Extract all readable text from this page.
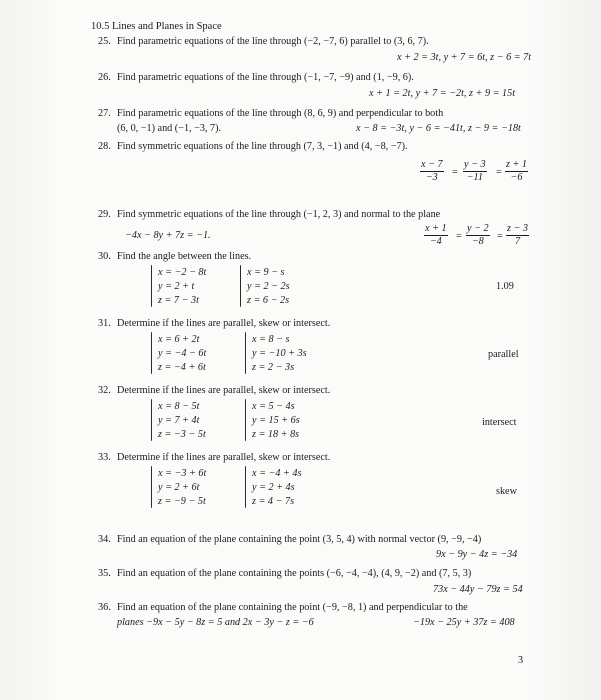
10.5 Lines and Planes in Space
25. Find parametric equations of the line through (−2, −7, 6) parallel to (3, 6, 7).
x + 2 = 3t, y + 7 = 6t, z − 6 = 7t
26. Find parametric equations of the line through (−1, −7, −9) and (1, −9, 6).
x + 1 = 2t, y + 7 = −2t, z + 9 = 15t
27. Find parametric equations of the line through (8, 6, 9) and perpendicular to both
(6, 0, −1) and (−1, −3, 7).	x − 8 = −3t, y − 6 = −41t, z − 9 = −18t
28. Find symmetric equations of the line through (7, 3, −1) and (4, −8, −7).
$\frac{x - 7}{-3} = \frac{y - 3}{-11} = \frac{z + 1}{-6}$
29. Find symmetric equations of the line through (−1, 2, 3) and normal to the plane
−4x − 8y + 7z = −1.	$\frac{x + 1}{-4} = \frac{y - 2}{-8} = \frac{z - 3}{7}$
30. Find the angle between the lines.
x = −2 − 8t
y = 2 + t
z = 7 − 3t
x = 9 − s
y = 2 − 2s
z = 6 − 2s
1.09
31. Determine if the lines are parallel, skew or intersect.
x = 6 + 2t
y = −4 − 6t
z = −4 + 6t
x = 8 − s
y = −10 + 3s
z = 2 − 3s
parallel
32. Determine if the lines are parallel, skew or intersect.
x = 8 − 5t
y = 7 + 4t
z = −3 − 5t
x = 5 − 4s
y = 15 + 6s
z = 18 + 8s
intersect
33. Determine if the lines are parallel, skew or intersect.
x = −3 + 6t
y = 2 + 6t
z = −9 − 5t
x = −4 + 4s
y = 2 + 4s
z = 4 − 7s
skew
34. Find an equation of the plane containing the point (3, 5, 4) with normal vector (9, −9, −4)
9x − 9y − 4z = −34
35. Find an equation of the plane containing the points (−6, −4, −4), (4, 9, −2) and (7, 5, 3)
73x − 44y − 79z = 54
36. Find an equation of the plane containing the point (−9, −8, 1) and perpendicular to the
planes −9x − 5y − 8z = 5 and 2x − 3y − z = −6	−19x − 25y + 37z = 408
3
